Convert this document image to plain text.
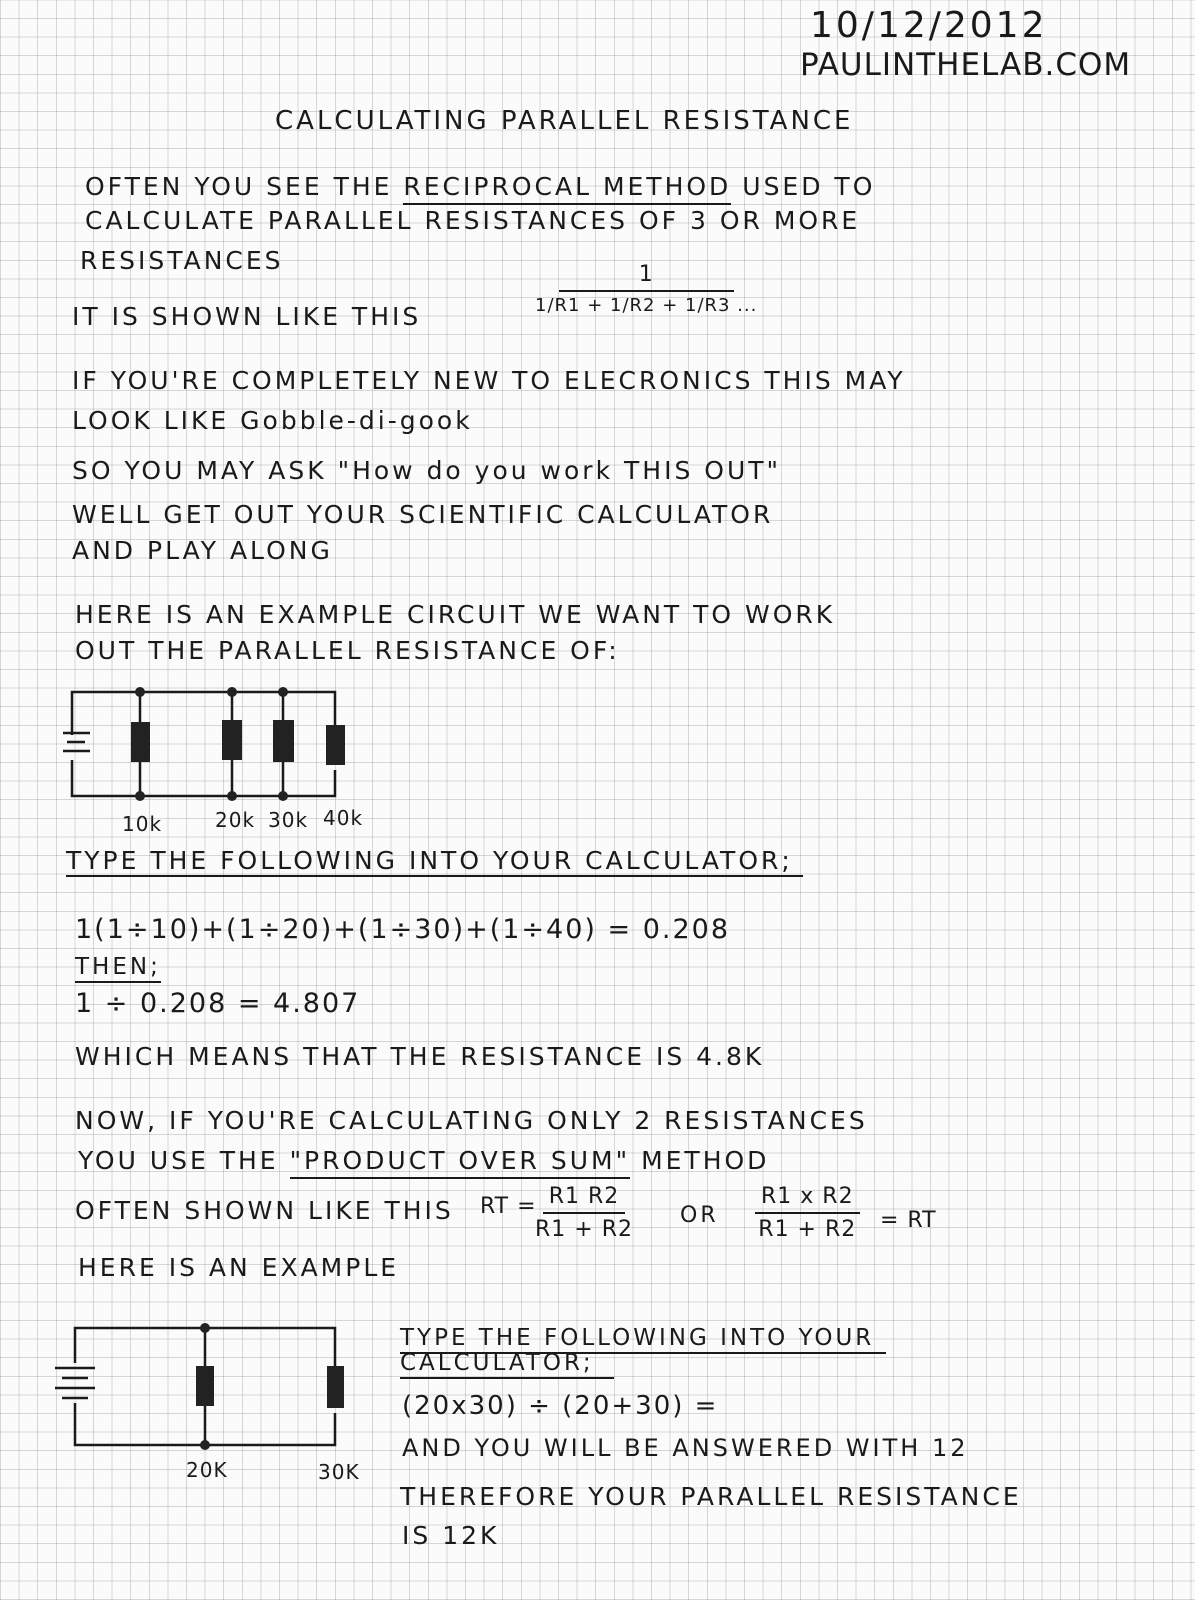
10/12/2012
PAULINTHELAB.COM
CALCULATING PARALLEL RESISTANCE
OFTEN YOU SEE THE RECIPROCAL METHOD USED TO
CALCULATE PARALLEL RESISTANCES OF 3 OR MORE
RESISTANCES
IT IS SHOWN LIKE THIS
1
1/R1 + 1/R2 + 1/R3 ...
IF YOU'RE COMPLETELY NEW TO ELECRONICS THIS MAY
LOOK LIKE Gobble-di-gook
SO YOU MAY ASK "How do you work THIS OUT"
WELL GET OUT YOUR SCIENTIFIC CALCULATOR
AND PLAY ALONG
HERE IS AN EXAMPLE CIRCUIT WE WANT TO WORK
OUT THE PARALLEL RESISTANCE OF:
10k	20k 30k 40k
TYPE THE FOLLOWING INTO YOUR CALCULATOR;
1(1÷10)+(1÷20)+(1÷30)+(1÷40) = 0.208
THEN;
1 ÷ 0.208 = 4.807
WHICH MEANS THAT THE RESISTANCE IS 4.8K
NOW, IF YOU'RE CALCULATING ONLY 2 RESISTANCES
YOU USE THE "PRODUCT OVER SUM" METHOD
OFTEN SHOWN LIKE THIS RT =
$\frac{R1 R2}{R1 + R2}$ OR $\frac{\text{R1 x R2}}{R1 + R2}$ = RT
HERE IS AN EXAMPLE
20K	30K
TYPE THE FOLLOWING INTO YOUR
CALCULATOR;
(20x30) ÷ (20+30) =
AND YOU WILL BE ANSWERED WITH 12
THEREFORE YOUR PARALLEL RESISTANCE
IS 12K
